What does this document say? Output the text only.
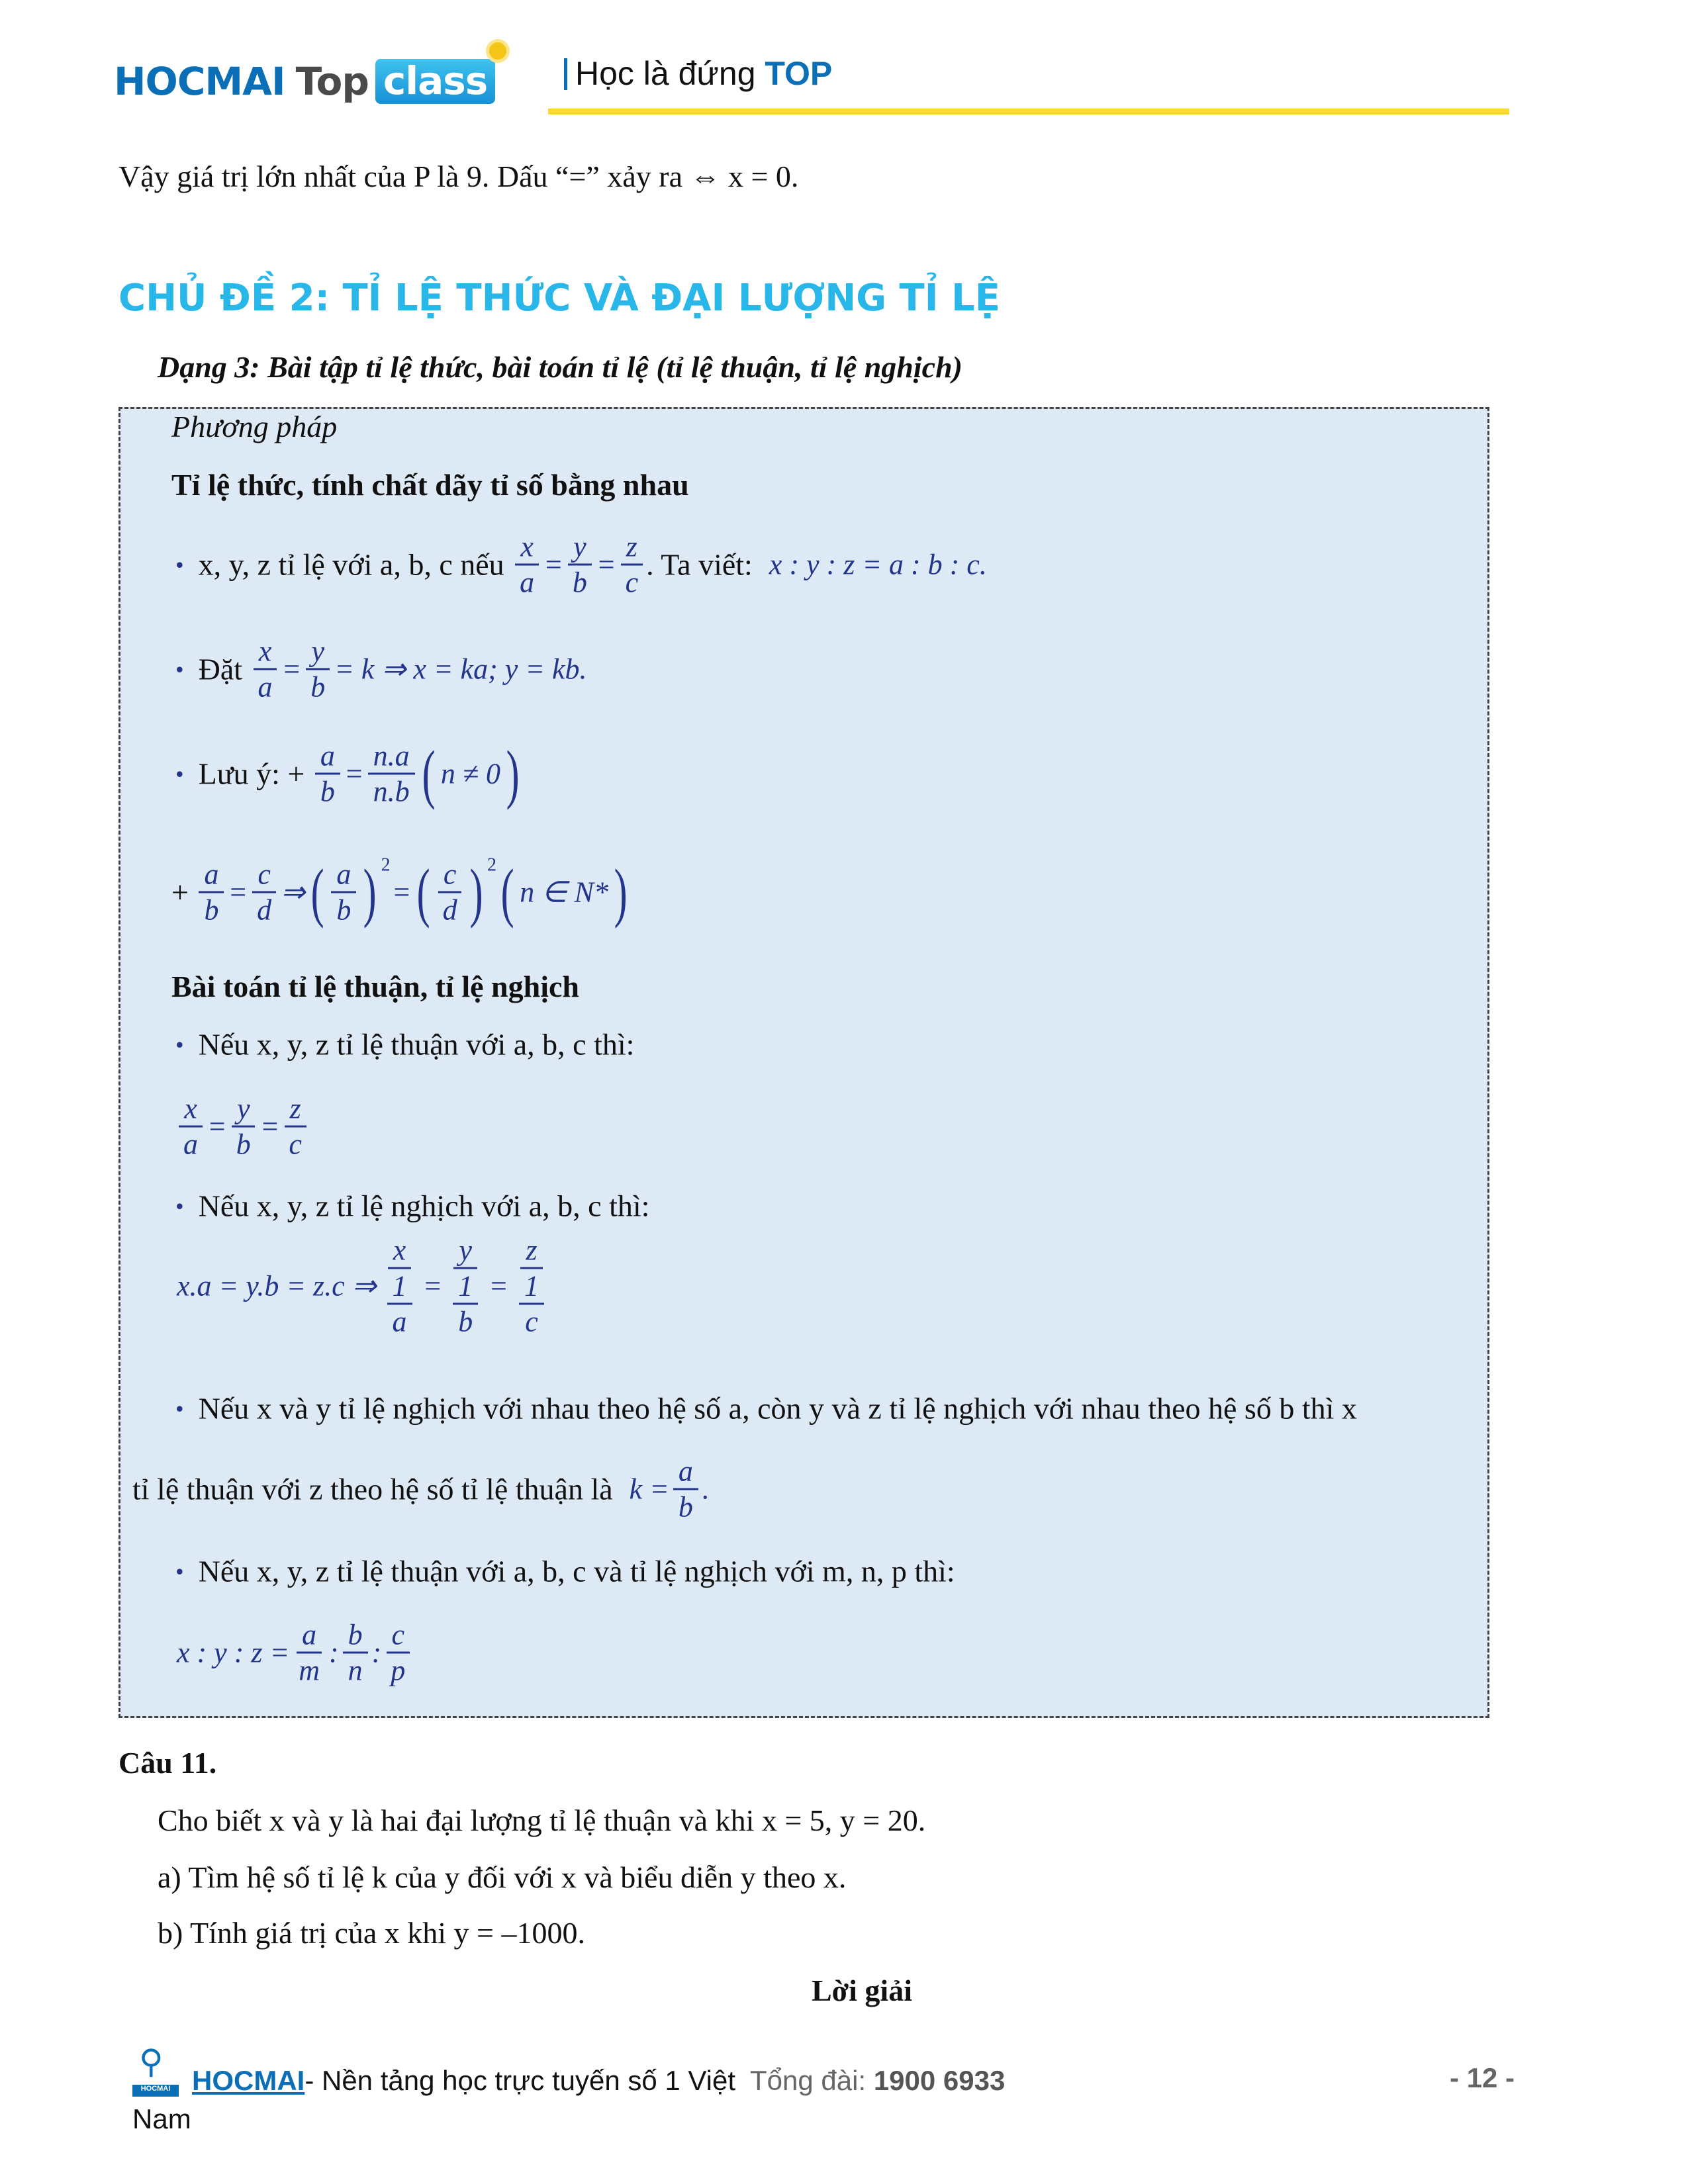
HOCMAI Top class	Học là đứng TOP
Vậy giá trị lớn nhất của P là 9. Dấu “=” xảy ra ⇔ x = 0.
CHỦ ĐỀ 2: TỈ LỆ THỨC VÀ ĐẠI LƯỢNG TỈ LỆ
Dạng 3: Bài tập tỉ lệ thức, bài toán tỉ lệ (tỉ lệ thuận, tỉ lệ nghịch)
Phương pháp
Tỉ lệ thức, tính chất dãy tỉ số bằng nhau
Bài toán tỉ lệ thuận, tỉ lệ nghịch
• x, y, z tỉ lệ với a, b, c nếu $\frac{x}{a} = \frac{y}{b} = \frac{z}{c}$ . Ta viết: x : y : z = a : b : c.
• Đặt $\frac{x}{a} = \frac{y}{b} = k$ ⇒ x = ka; y = kb.
• Lưu ý: + $\frac{a}{b} = \frac{n.a}{n.b}$ ( n ≠ 0 )
+ $\frac{a}{b} = \frac{c}{d}$ ⇒ ( $\frac{a}{b}$ ) 2
= ( $\frac{c}{d}$ ) 2 ( n ∈ N* )
• Nếu x, y, z tỉ lệ thuận với a, b, c thì:
$\frac{x}{a} = \frac{y}{b} = \frac{z}{c}$
• Nếu x, y, z tỉ lệ nghịch với a, b, c thì:
x.a = y.b = z.c ⇒ $\frac{x}{\frac{1}{a}} = \frac{y}{\frac{1}{b}} = \frac{z}{\frac{1}{c}}$
• Nếu x và y tỉ lệ nghịch với nhau theo hệ số a, còn y và z tỉ lệ nghịch với nhau theo hệ số b thì x
tỉ lệ thuận với z theo hệ số tỉ lệ thuận là $k = \frac{a}{b}$ .
• Nếu x, y, z tỉ lệ thuận với a, b, c và tỉ lệ nghịch với m, n, p thì:
x : y : $z = \frac{a}{m}$ : $\frac{b}{n}$ : $\frac{c}{p}$
Câu 11.
Cho biết x và y là hai đại lượng tỉ lệ thuận và khi x = 5, y = 20.
a) Tìm hệ số tỉ lệ k của y đối với x và biểu diễn y theo x.
b) Tính giá trị của x khi y = –1000.
Lời giải
⚲
HOCMAI HOCMAI - Nền tảng học trực tuyến số 1 Việt Tổng đài: 1900 6933	- 12 -
Nam
